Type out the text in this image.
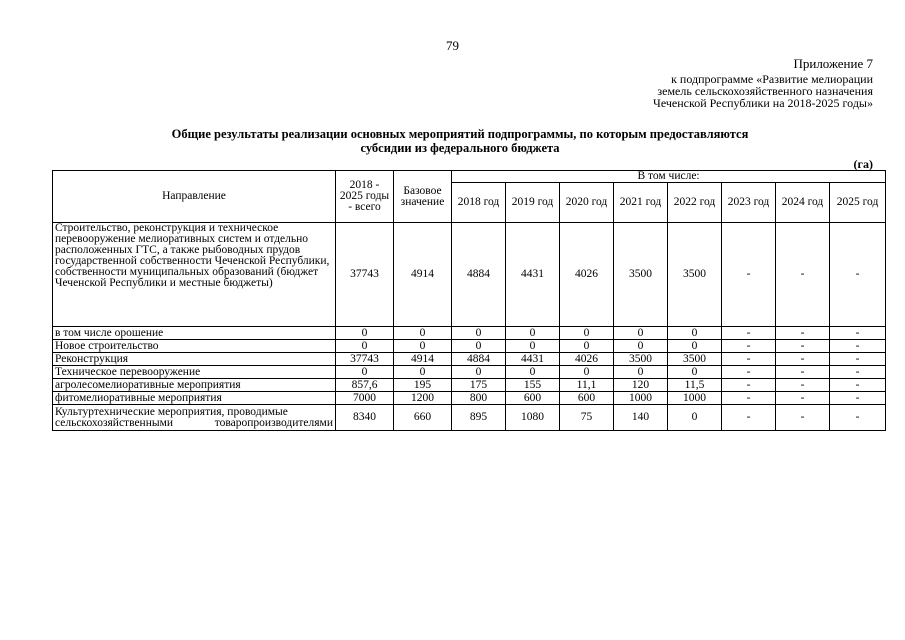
79
Приложение 7
к подпрограмме «Развитие мелиорации
земель сельскохозяйственного назначения
Чеченской Республики на 2018-2025 годы»
Общие результаты реализации основных мероприятий подпрограммы, по которым предоставляются
субсидии из федерального бюджета
(га)
Направление	2018 - 2025 годы - всего	Базовое значение	В том числе:							
			2018 год	2019 год	2020 год	2021 год	2022 год	2023 год	2024 год	2025 год
Строительство, реконструкция и техническое перевооружение мелиоративных систем и отдельно расположенных ГТС, а также рыбоводных прудов государственной собственности Чеченской Республики, собственности муниципальных образований (бюджет Чеченской Республики и местные бюджеты)	37743	4914	4884	4431	4026	3500	3500	-	-	-
в том числе орошение	0	0	0	0	0	0	0	-	-	-
Новое строительство	0	0	0	0	0	0	0	-	-	-
Реконструкция	37743	4914	4884	4431	4026	3500	3500	-	-	-
Техническое перевооружение	0	0	0	0	0	0	0	-	-	-
агролесомелиоративные мероприятия	857,6	195	175	155	11,1	120	11,5	-	-	-
фитомелиоративные мероприятия	7000	1200	800	600	600	1000	1000	-	-	-
Культуртехнические мероприятия, проводимые сельскохозяйственными товаропроизводителями	8340	660	895	1080	75	140	0	-	-	-
